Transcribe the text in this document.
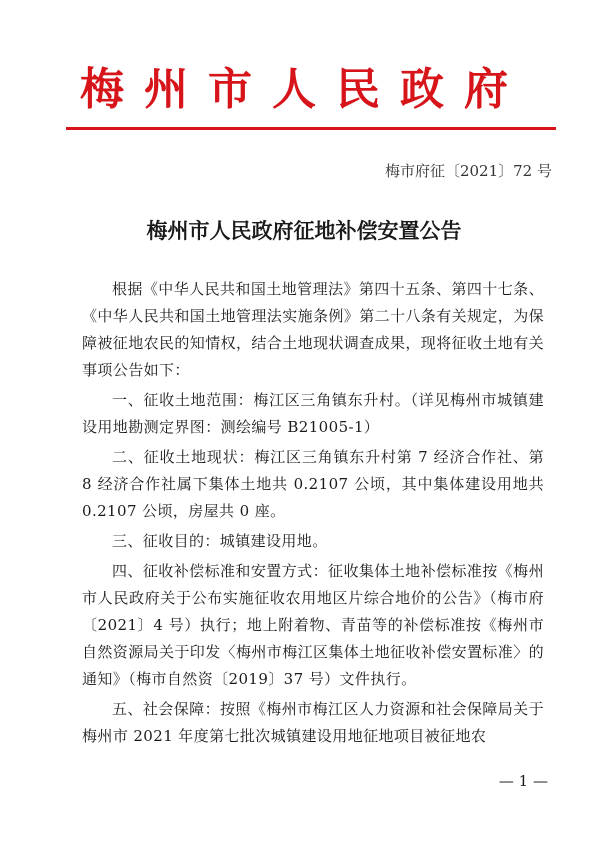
梅州市人民政府
梅市府征〔2021〕72 号
梅州市人民政府征地补偿安置公告

根据《中华人民共和国土地管理法》第四十五条、第四十七条、《中华人民共和国土地管理法实施条例》第二十八条有关规定，为保障被征地农民的知情权，结合土地现状调查成果，现将征收土地有关事项公告如下：

一、征收土地范围：梅江区三角镇东升村。（详见梅州市城镇建设用地勘测定界图：测绘编号 B21005-1）

二、征收土地现状：梅江区三角镇东升村第 7 经济合作社、第 8 经济合作社属下集体土地共 0.2107 公顷，其中集体建设用地共 0.2107 公顷，房屋共 0 座。

三、征收目的：城镇建设用地。

四、征收补偿标准和安置方式：征收集体土地补偿标准按《梅州市人民政府关于公布实施征收农用地区片综合地价的公告》（梅市府〔2021〕4 号）执行；地上附着物、青苗等的补偿标准按《梅州市自然资源局关于印发〈梅州市梅江区集体土地征收补偿安置标准〉的通知》（梅市自然资〔2019〕37 号）文件执行。

五、社会保障：按照《梅州市梅江区人力资源和社会保障局关于梅州市 2021 年度第七批次城镇建设用地征地项目被征地农

— 1 —
